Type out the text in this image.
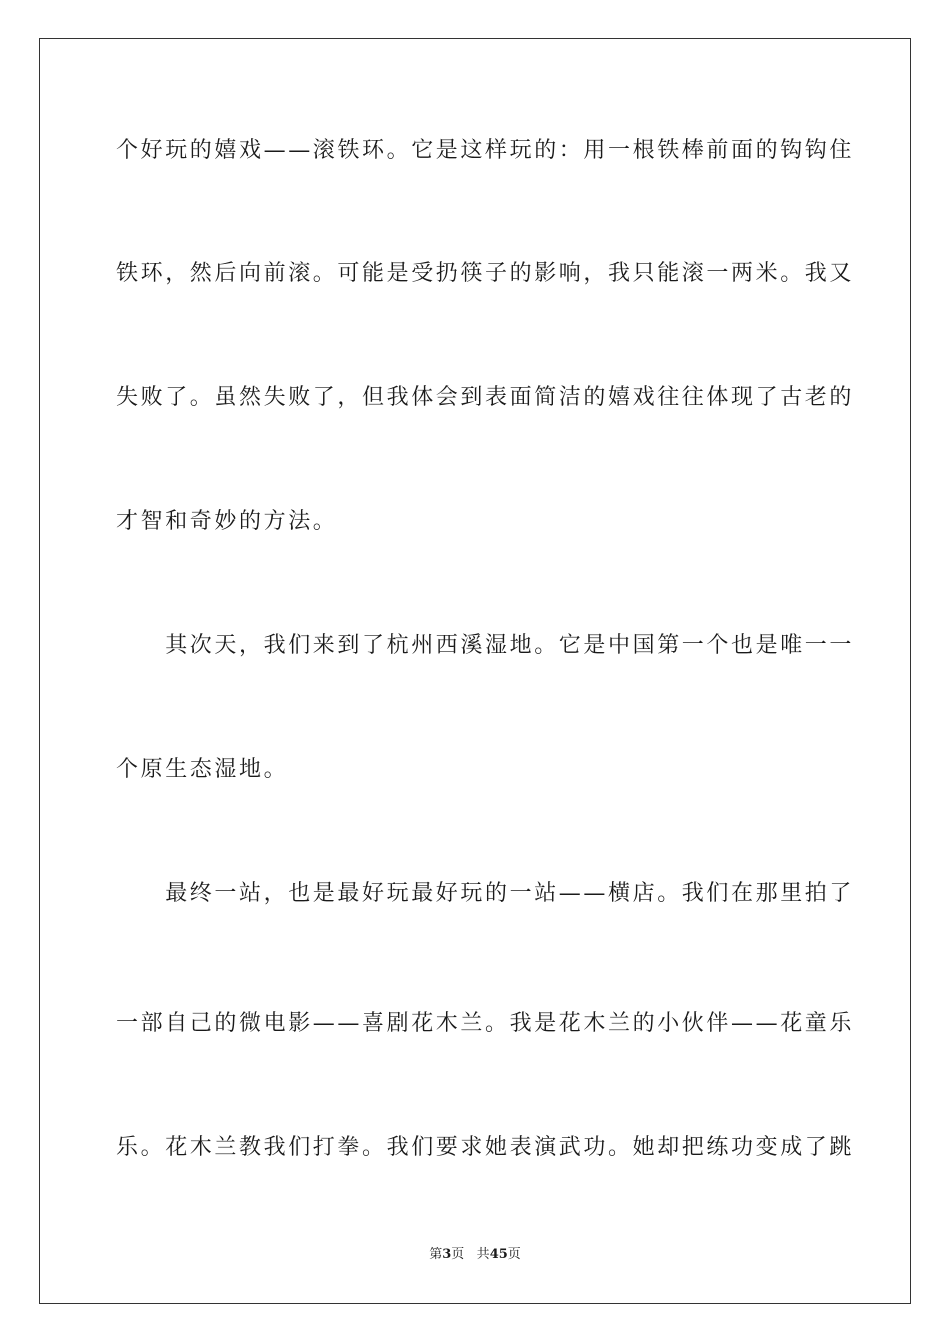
个好玩的嬉戏——滚铁环。它是这样玩的：用一根铁棒前面的钩钩住
铁环，然后向前滚。可能是受扔筷子的影响，我只能滚一两米。我又
失败了。虽然失败了，但我体会到表面简洁的嬉戏往往体现了古老的
才智和奇妙的方法。
　　其次天，我们来到了杭州西溪湿地。它是中国第一个也是唯一一
个原生态湿地。
　　最终一站，也是最好玩最好玩的一站——横店。我们在那里拍了
一部自己的微电影——喜剧花木兰。我是花木兰的小伙伴——花童乐
乐。花木兰教我们打拳。我们要求她表演武功。她却把练功变成了跳
第3页 共45页
